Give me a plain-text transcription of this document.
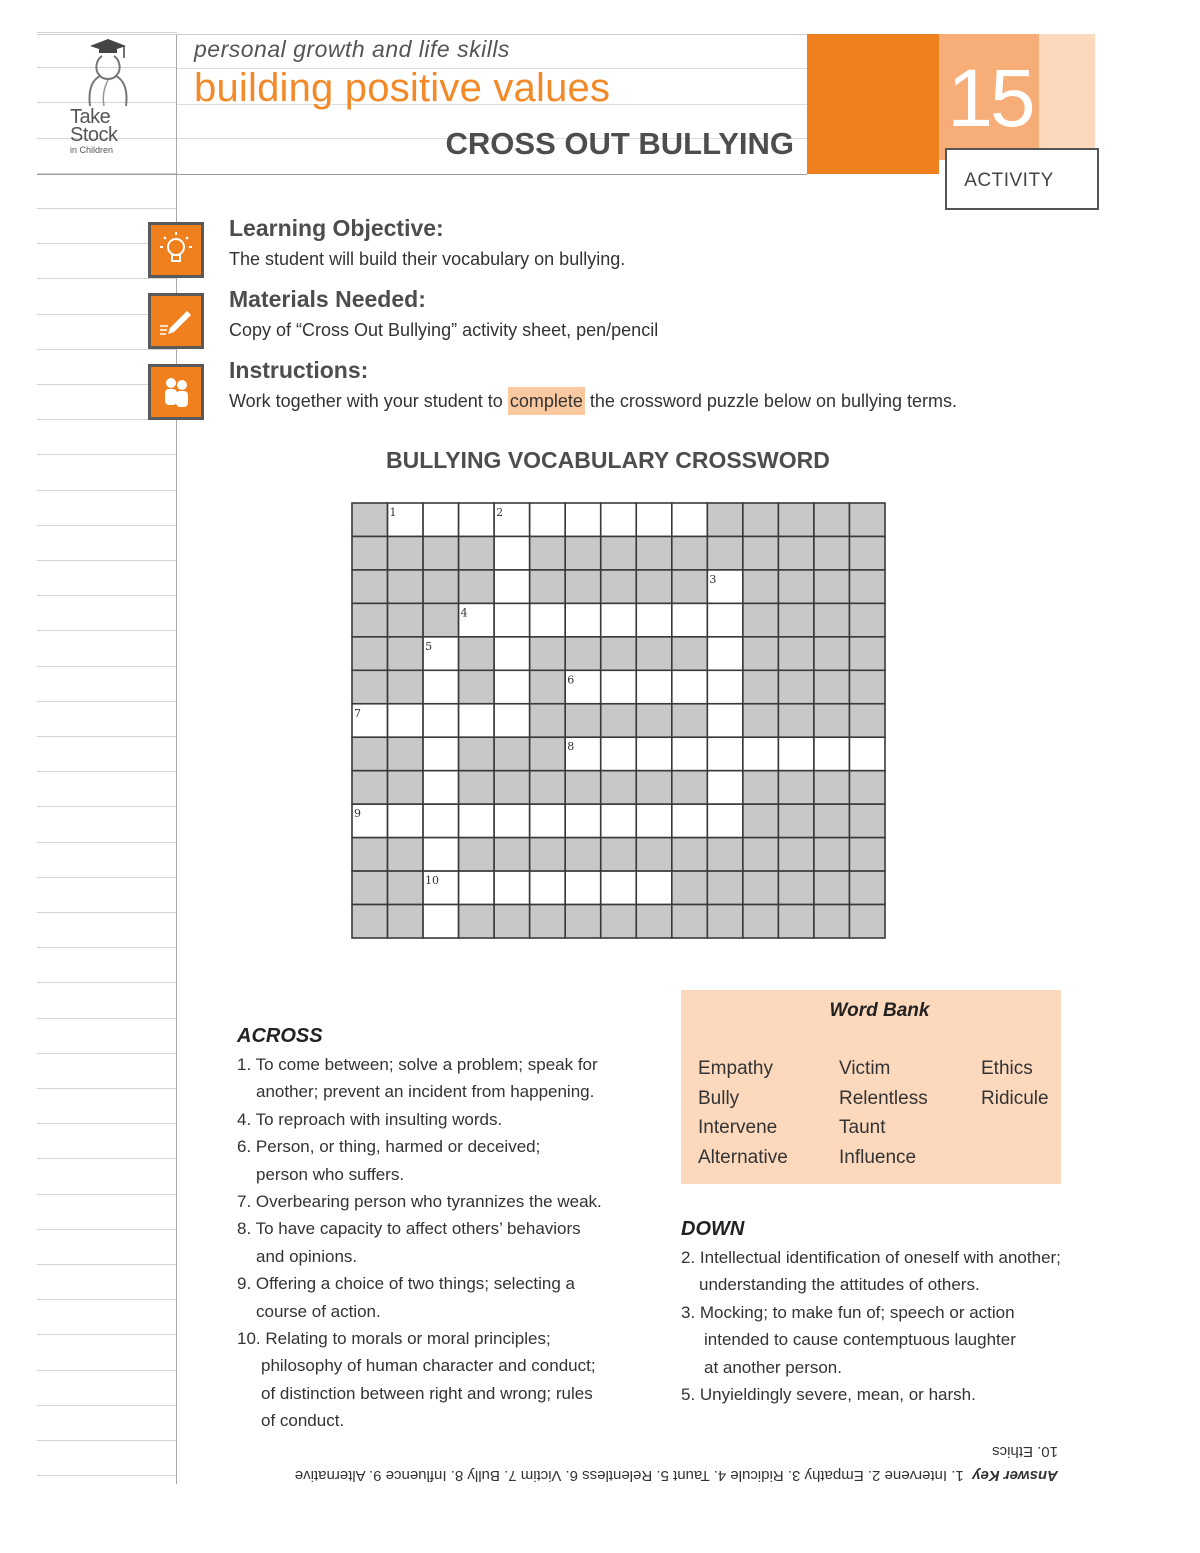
Take
Stock
in Children
personal growth and life skills
building positive values
CROSS OUT BULLYING 15
ACTIVITY
Learning Objective:
The student will build their vocabulary on bullying.
Materials Needed:
Copy of “Cross Out Bullying” activity sheet, pen/pencil
Instructions:
Work together with your student to complete the crossword puzzle below on bullying terms.
BULLYING VOCABULARY CROSSWORD
1	2
3
4
5
6
7
8
9
10
ACROSS
1. To come between; solve a problem; speak for
another; prevent an incident from happening.
4. To reproach with insulting words.
6. Person, or thing, harmed or deceived;
person who suffers.
7. Overbearing person who tyrannizes the weak.
8. To have capacity to affect others’ behaviors
and opinions.
9. Offering a choice of two things; selecting a
course of action.
10. Relating to morals or moral principles;
philosophy of human character and conduct;
of distinction between right and wrong; rules
of conduct.
Word Bank
Empathy
Bully
Intervene
Alternative
Victim
Relentless
Taunt
Influence
Ethics
Ridicule
DOWN
2. Intellectual identification of oneself with another;
understanding the attitudes of others.
3. Mocking; to make fun of; speech or action
intended to cause contemptuous laughter
at another person.
5. Unyieldingly severe, mean, or harsh.
Answer Key  1. Intervene 2. Empathy 3. Ridicule 4. Taunt 5. Relentless 6. Victim 7. Bully 8. Influence 9. Alternative
10. Ethics
